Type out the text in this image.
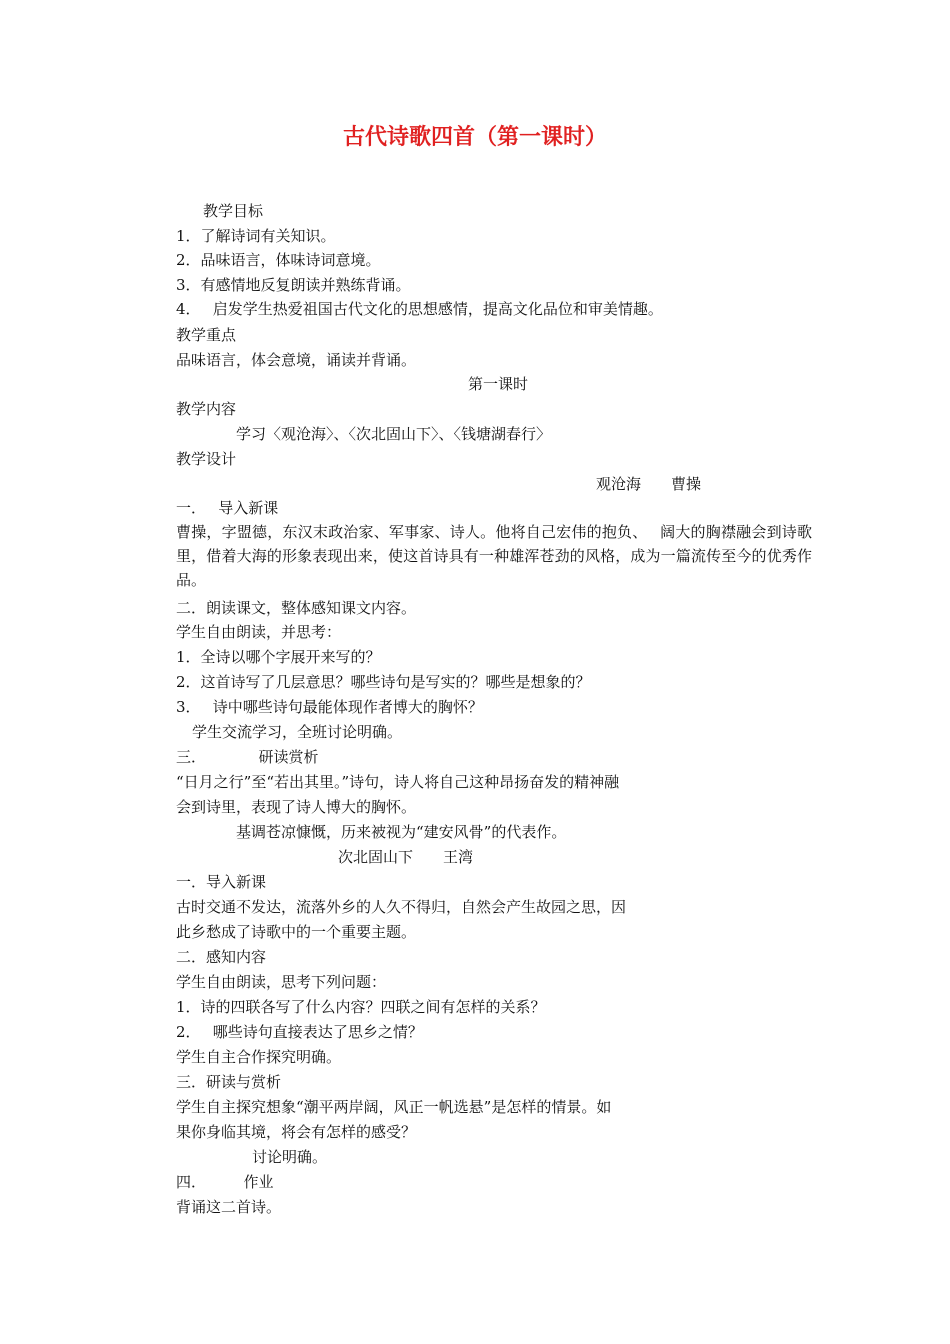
古代诗歌四首（第一课时）
教学目标
1．了解诗词有关知识。
2．品味语言，体味诗词意境。
3．有感情地反复朗读并熟练背诵。
4．　 启发学生热爱祖国古代文化的思想感情，提高文化品位和审美情趣。
教学重点
品味语言，体会意境，诵读并背诵。
第一课时
教学内容
学习〈观沧海〉、〈次北固山下〉、〈钱塘湖春行〉
教学设计
观沧海　　曹操
一．　 导入新课
曹操，字盟德，东汉末政治家、军事家、诗人。他将自己宏伟的抱负、　 阔大的胸襟融会到诗歌里，借着大海的形象表现出来，使这首诗具有一种雄浑苍劲的风格，成为一篇流传至今的优秀作品。
二．朗读课文，整体感知课文内容。
学生自由朗读，并思考：
1．全诗以哪个字展开来写的？
2．这首诗写了几层意思？哪些诗句是写实的？哪些是想象的？
3．　 诗中哪些诗句最能体现作者博大的胸怀？
学生交流学习，全班讨论明确。
三．　　　　研读赏析
“日月之行”至“若出其里。”诗句，诗人将自己这种昂扬奋发的精神融
会到诗里，表现了诗人博大的胸怀。
基调苍凉慷慨，历来被视为“建安风骨”的代表作。
次北固山下　　王湾
一．导入新课
古时交通不发达，流落外乡的人久不得归，自然会产生故园之思，因
此乡愁成了诗歌中的一个重要主题。
二．感知内容
学生自由朗读，思考下列问题：
1．诗的四联各写了什么内容？四联之间有怎样的关系？
2．　 哪些诗句直接表达了思乡之情？
学生自主合作探究明确。
三．研读与赏析
学生自主探究想象“潮平两岸阔，风正一帆选悬”是怎样的情景。如
果你身临其境，将会有怎样的感受？
讨论明确。
四．　　　作业
背诵这二首诗。
